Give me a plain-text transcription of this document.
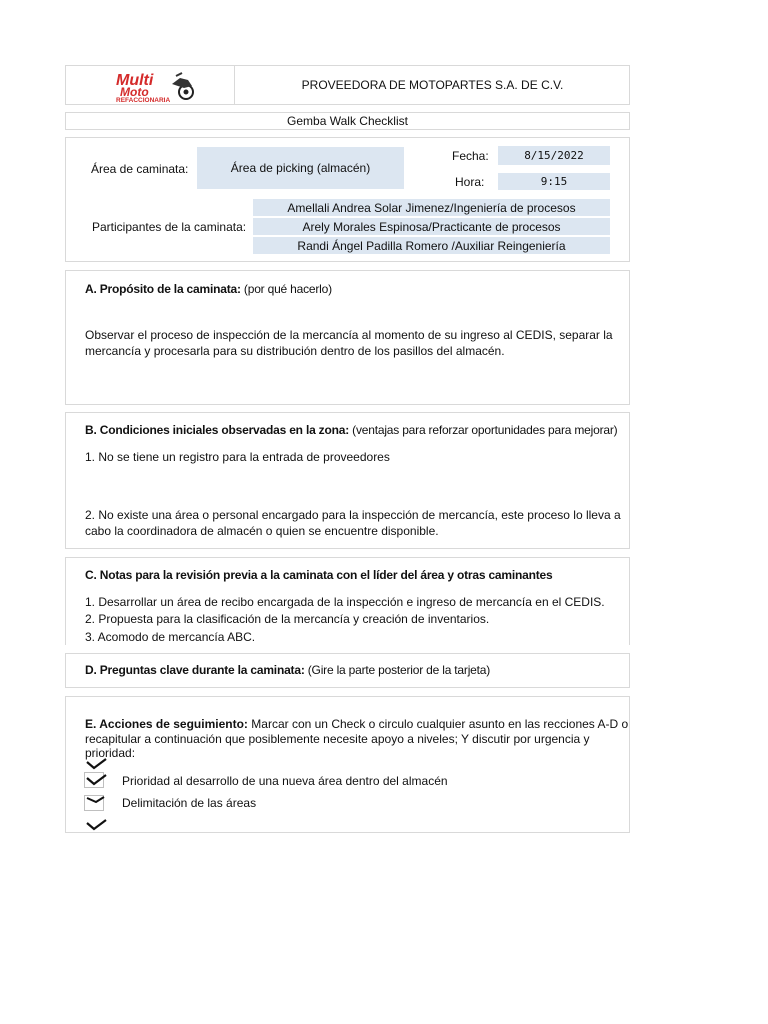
Multi
Moto
REFACCIONARIA
PROVEEDORA DE MOTOPARTES S.A. DE C.V.
Gemba Walk Checklist
Área de caminata:	Área de picking (almacén)
Fecha:	8/15/2022
Hora:	9:15
Participantes de la caminata:
Amellali Andrea Solar Jimenez/Ingeniería de procesos
Arely Morales Espinosa/Practicante de procesos
Randi Ángel Padilla Romero /Auxiliar Reingeniería
A. Propósito de la caminata: (por qué hacerlo)
Observar el proceso de inspección de la mercancía al momento de su ingreso al CEDIS, separar la
mercancía y procesarla para su distribución dentro de los pasillos del almacén.
B. Condiciones iniciales observadas en la zona: (ventajas para reforzar oportunidades para mejorar)
1. No se tiene un registro para la entrada de proveedores
2. No existe una área o personal encargado para la inspección de mercancía, este proceso lo lleva a
cabo la coordinadora de almacén o quien se encuentre disponible.
C. Notas para la revisión previa a la caminata con el líder del área y otras caminantes
1. Desarrollar un área de recibo encargada de la inspección e ingreso de mercancía en el CEDIS.
2. Propuesta para la clasificación de la mercancía y creación de inventarios.
3. Acomodo de mercancía ABC.
D. Preguntas clave durante la caminata: (Gire la parte posterior de la tarjeta)
E. Acciones de seguimiento: Marcar con un Check o circulo cualquier asunto en las recciones A-D o
recapitular a continuación que posiblemente necesite apoyo a niveles; Y discutir por urgencia y
prioridad:
Prioridad al desarrollo de una nueva área dentro del almacén
Delimitación de las áreas
